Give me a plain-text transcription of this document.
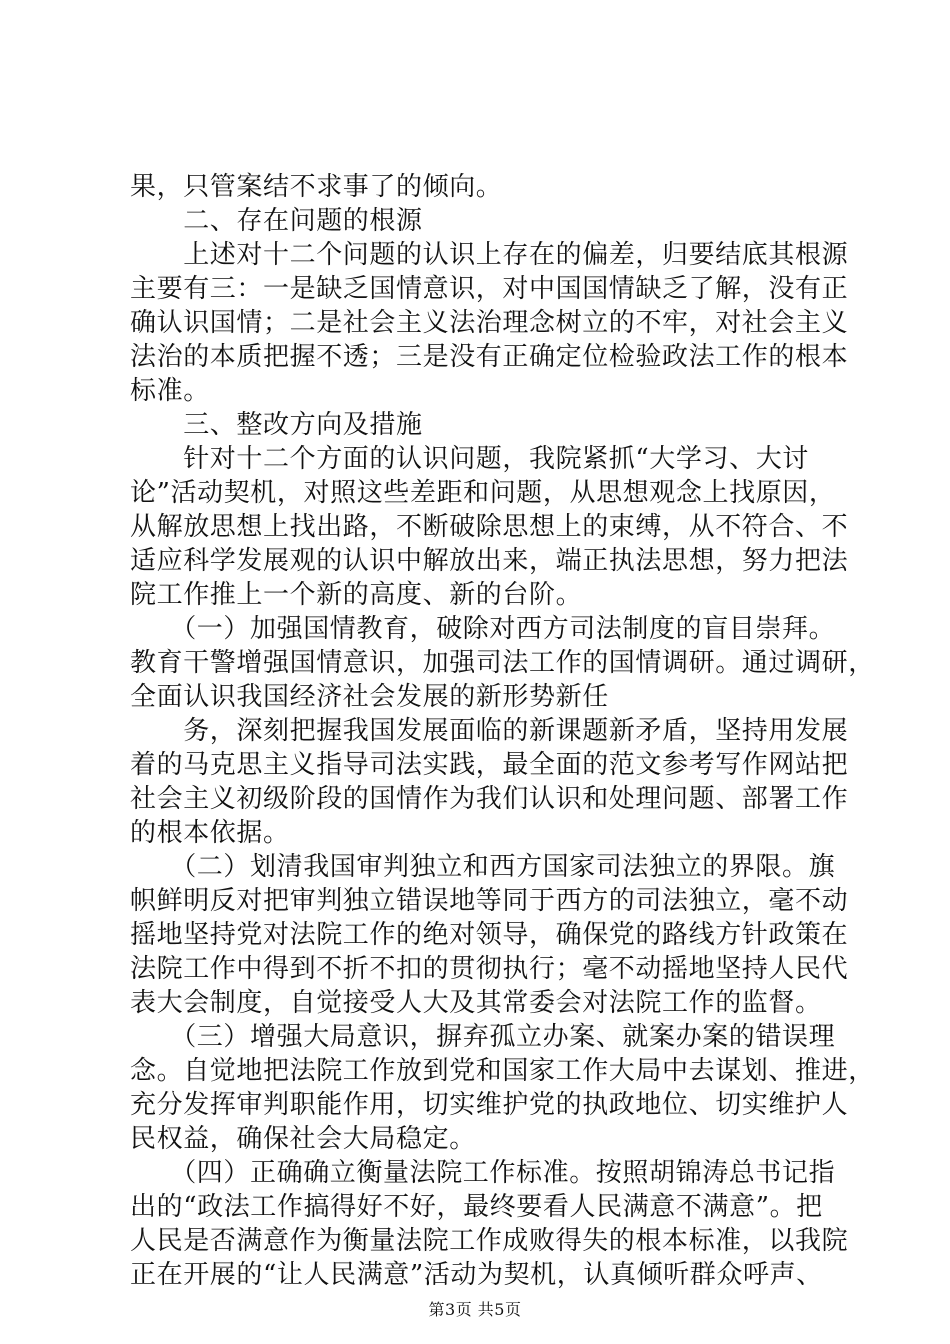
果，只管案结不求事了的倾向。
　　二、存在问题的根源
　　上述对十二个问题的认识上存在的偏差，归要结底其根源
主要有三：一是缺乏国情意识，对中国国情缺乏了解，没有正
确认识国情；二是社会主义法治理念树立的不牢，对社会主义
法治的本质把握不透；三是没有正确定位检验政法工作的根本
标准。
　　三、整改方向及措施
　　针对十二个方面的认识问题，我院紧抓“大学习、大讨
论”活动契机，对照这些差距和问题，从思想观念上找原因，
从解放思想上找出路，不断破除思想上的束缚，从不符合、不
适应科学发展观的认识中解放出来，端正执法思想，努力把法
院工作推上一个新的高度、新的台阶。
　　（一）加强国情教育，破除对西方司法制度的盲目崇拜。
教育干警增强国情意识，加强司法工作的国情调研。通过调研，
全面认识我国经济社会发展的新形势新任
　　务，深刻把握我国发展面临的新课题新矛盾，坚持用发展
着的马克思主义指导司法实践，最全面的范文参考写作网站把
社会主义初级阶段的国情作为我们认识和处理问题、部署工作
的根本依据。
　　（二）划清我国审判独立和西方国家司法独立的界限。旗
帜鲜明反对把审判独立错误地等同于西方的司法独立，毫不动
摇地坚持党对法院工作的绝对领导，确保党的路线方针政策在
法院工作中得到不折不扣的贯彻执行；毫不动摇地坚持人民代
表大会制度，自觉接受人大及其常委会对法院工作的监督。
　　（三）增强大局意识，摒弃孤立办案、就案办案的错误理
念。自觉地把法院工作放到党和国家工作大局中去谋划、推进，
充分发挥审判职能作用，切实维护党的执政地位、切实维护人
民权益，确保社会大局稳定。
　　（四）正确确立衡量法院工作标准。按照胡锦涛总书记指
出的“政法工作搞得好不好，最终要看人民满意不满意”。把
人民是否满意作为衡量法院工作成败得失的根本标准，以我院
正在开展的“让人民满意”活动为契机，认真倾听群众呼声、
第3页 共5页
